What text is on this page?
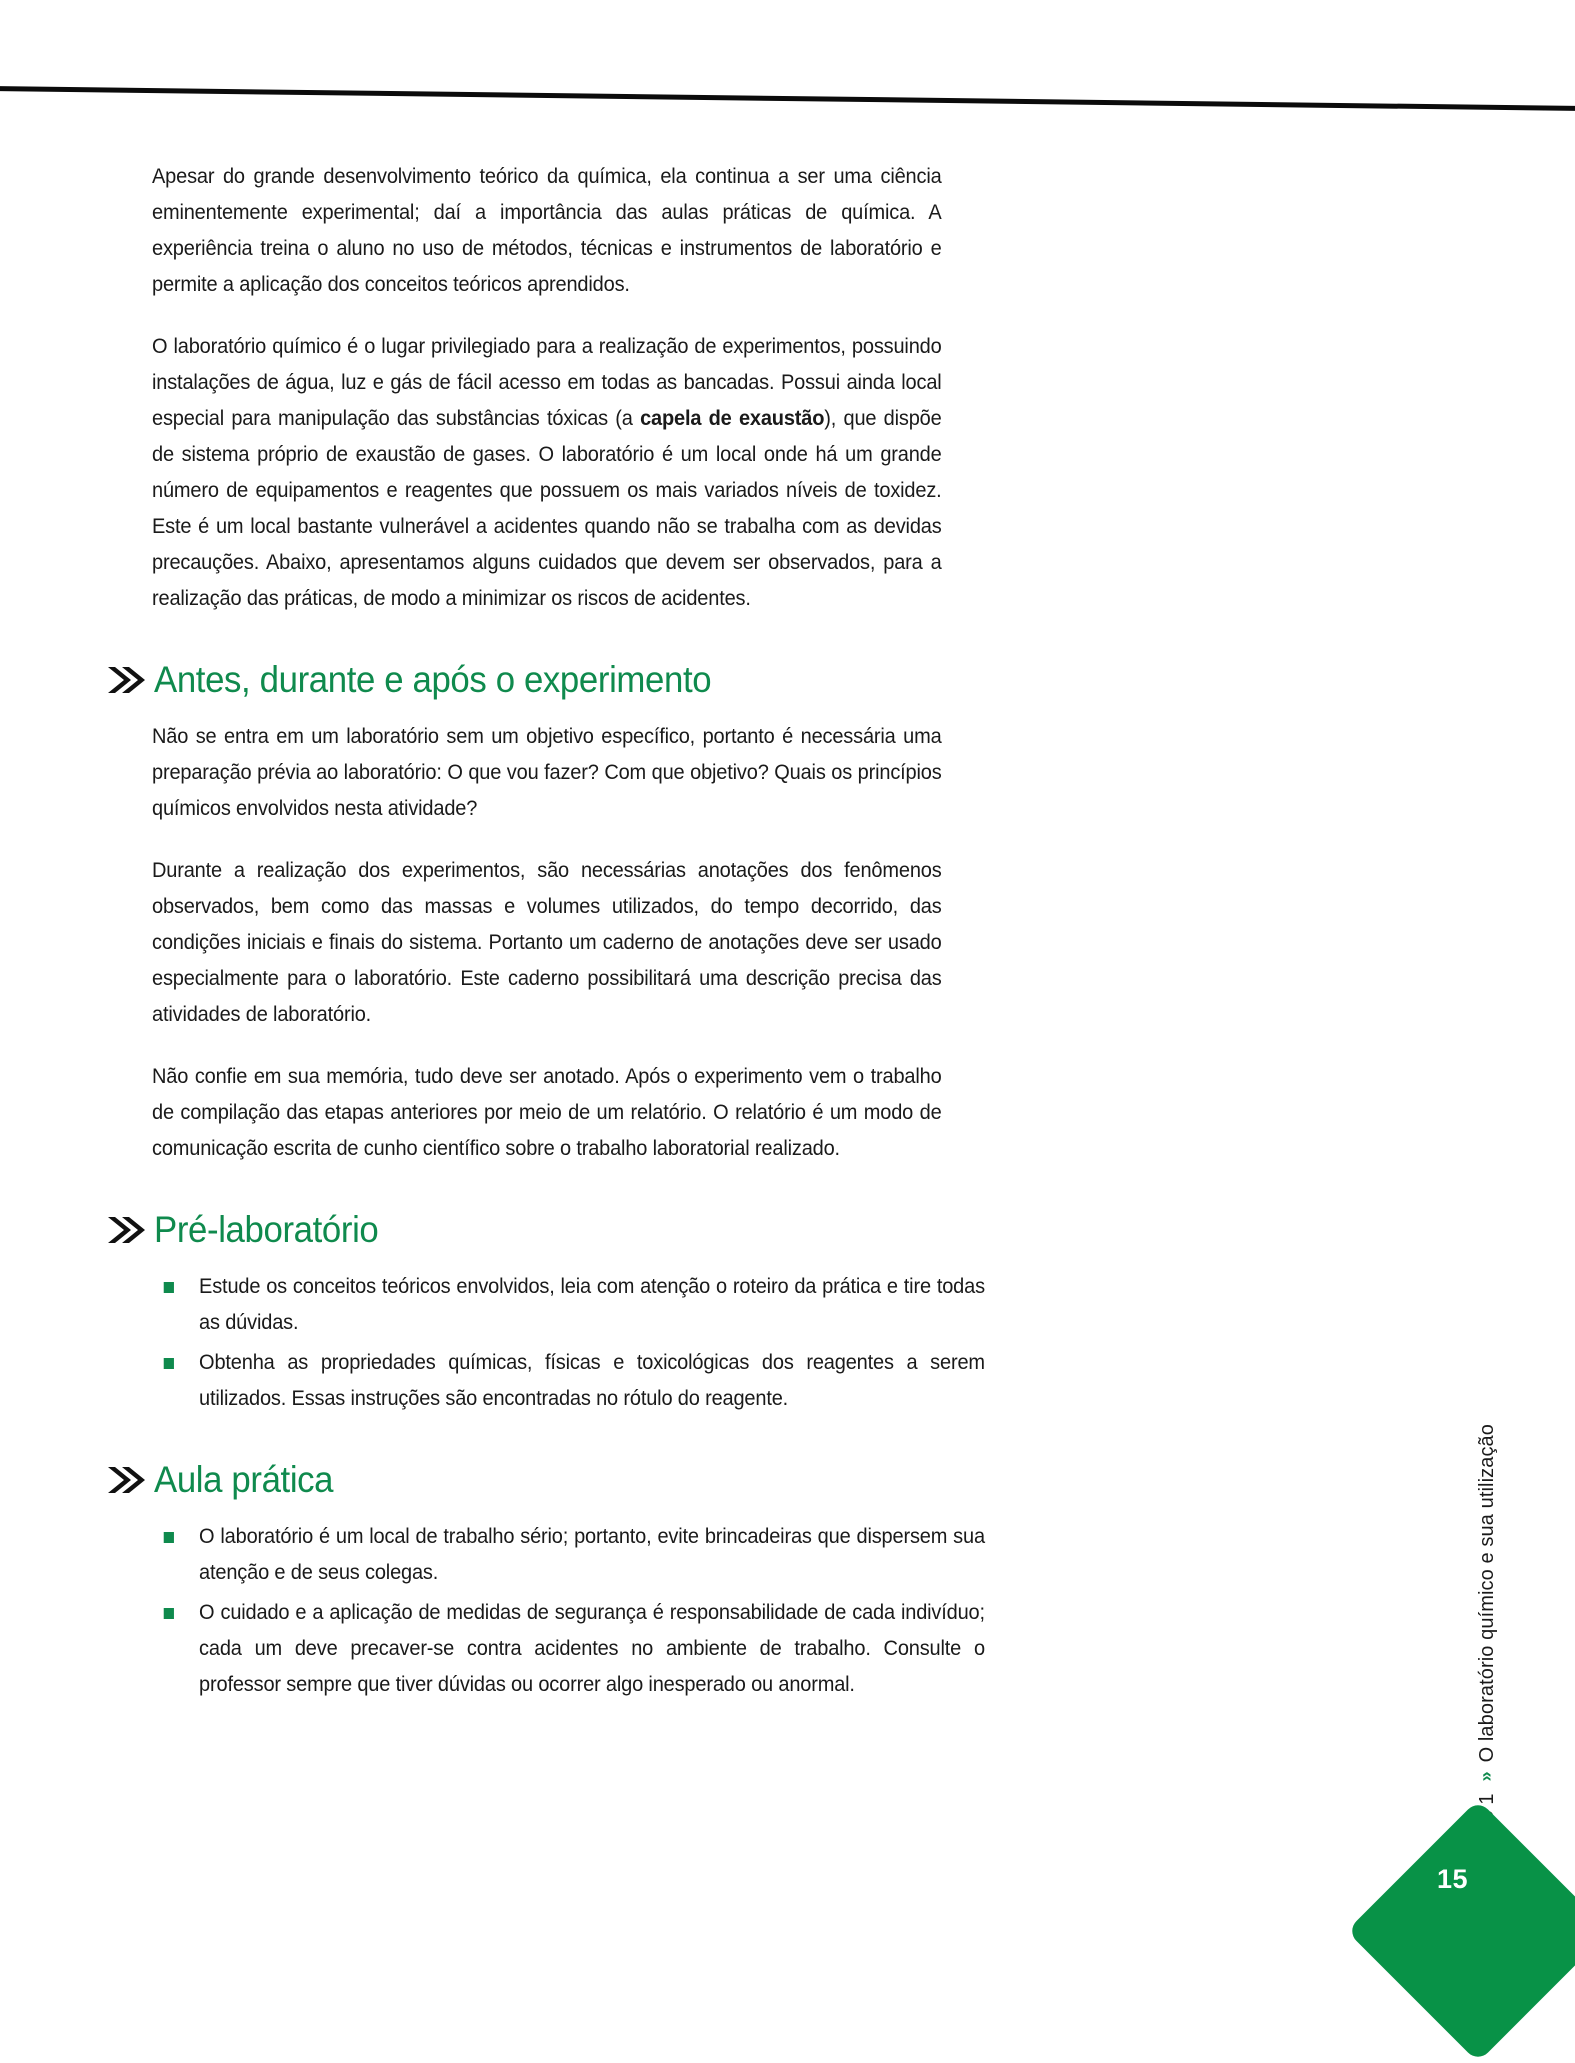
Apesar do grande desenvolvimento teórico da química, ela continua a ser uma ciência eminentemente experimental; daí a importância das aulas práticas de química. A experiência treina o aluno no uso de métodos, técnicas e instrumentos de laboratório e permite a aplicação dos conceitos teóricos aprendidos.

O laboratório químico é o lugar privilegiado para a realização de experimentos, possuindo instalações de água, luz e gás de fácil acesso em todas as bancadas. Possui ainda local especial para manipulação das substâncias tóxicas (a capela de exaustão), que dispõe de sistema próprio de exaustão de gases. O laboratório é um local onde há um grande número de equipamentos e reagentes que possuem os mais variados níveis de toxidez. Este é um local bastante vulnerável a acidentes quando não se trabalha com as devidas precauções. Abaixo, apresentamos alguns cuidados que devem ser observados, para a realização das práticas, de modo a minimizar os riscos de acidentes.

Antes, durante e após o experimento

Não se entra em um laboratório sem um objetivo específico, portanto é necessária uma preparação prévia ao laboratório: O que vou fazer? Com que objetivo? Quais os princípios químicos envolvidos nesta atividade?

Durante a realização dos experimentos, são necessárias anotações dos fenômenos observados, bem como das massas e volumes utilizados, do tempo decorrido, das condições iniciais e finais do sistema. Portanto um caderno de anotações deve ser usado especialmente para o laboratório. Este caderno possibilitará uma descrição precisa das atividades de laboratório.

Não confie em sua memória, tudo deve ser anotado. Após o experimento vem o trabalho de compilação das etapas anteriores por meio de um relatório. O relatório é um modo de comunicação escrita de cunho científico sobre o trabalho laboratorial realizado.

Pré-laboratório
Estude os conceitos teóricos envolvidos, leia com atenção o roteiro da prática e tire todas as dúvidas.
Obtenha as propriedades químicas, físicas e toxicológicas dos reagentes a serem utilizados. Essas instruções são encontradas no rótulo do reagente.
Aula prática
O laboratório é um local de trabalho sério; portanto, evite brincadeiras que dispersem sua atenção e de seus colegas.
O cuidado e a aplicação de medidas de segurança é responsabilidade de cada indivíduo; cada um deve precaver-se contra acidentes no ambiente de trabalho. Consulte o professor sempre que tiver dúvidas ou ocorrer algo inesperado ou anormal.
»
O laboratório químico e sua utilização
15
